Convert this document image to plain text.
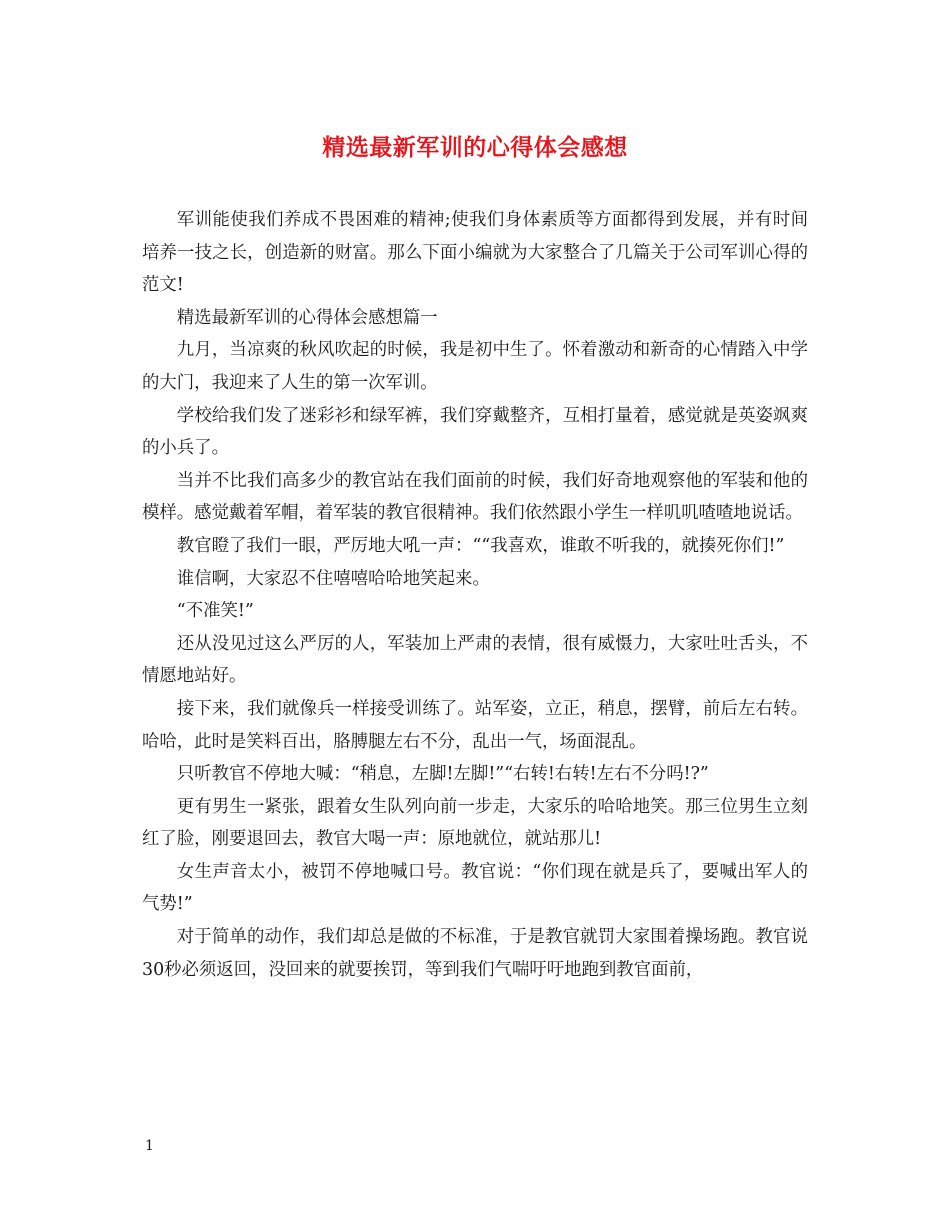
精选最新军训的心得体会感想

军训能使我们养成不畏困难的精神;使我们身体素质等方面都得到发展，并有时间培养一技之长，创造新的财富。那么下面小编就为大家整合了几篇关于公司军训心得的范文!

精选最新军训的心得体会感想篇一

九月，当凉爽的秋风吹起的时候，我是初中生了。怀着激动和新奇的心情踏入中学的大门，我迎来了人生的第一次军训。

学校给我们发了迷彩衫和绿军裤，我们穿戴整齐，互相打量着，感觉就是英姿飒爽的小兵了。

当并不比我们高多少的教官站在我们面前的时候，我们好奇地观察他的军装和他的模样。感觉戴着军帽，着军装的教官很精神。我们依然跟小学生一样叽叽喳喳地说话。

教官瞪了我们一眼，严厉地大吼一声：““我喜欢，谁敢不听我的，就揍死你们!”

谁信啊，大家忍不住嘻嘻哈哈地笑起来。

“不准笑!”

还从没见过这么严厉的人，军装加上严肃的表情，很有威慑力，大家吐吐舌头，不情愿地站好。

接下来，我们就像兵一样接受训练了。站军姿，立正，稍息，摆臂，前后左右转。哈哈，此时是笑料百出，胳膊腿左右不分，乱出一气，场面混乱。

只听教官不停地大喊：“稍息，左脚!左脚!”“右转!右转!左右不分吗!?”

更有男生一紧张，跟着女生队列向前一步走，大家乐的哈哈地笑。那三位男生立刻红了脸，刚要退回去，教官大喝一声：原地就位，就站那儿!

女生声音太小，被罚不停地喊口号。教官说：“你们现在就是兵了，要喊出军人的气势!”

对于简单的动作，我们却总是做的不标准，于是教官就罚大家围着操场跑。教官说30秒必须返回，没回来的就要挨罚，等到我们气喘吁吁地跑到教官面前，

1
